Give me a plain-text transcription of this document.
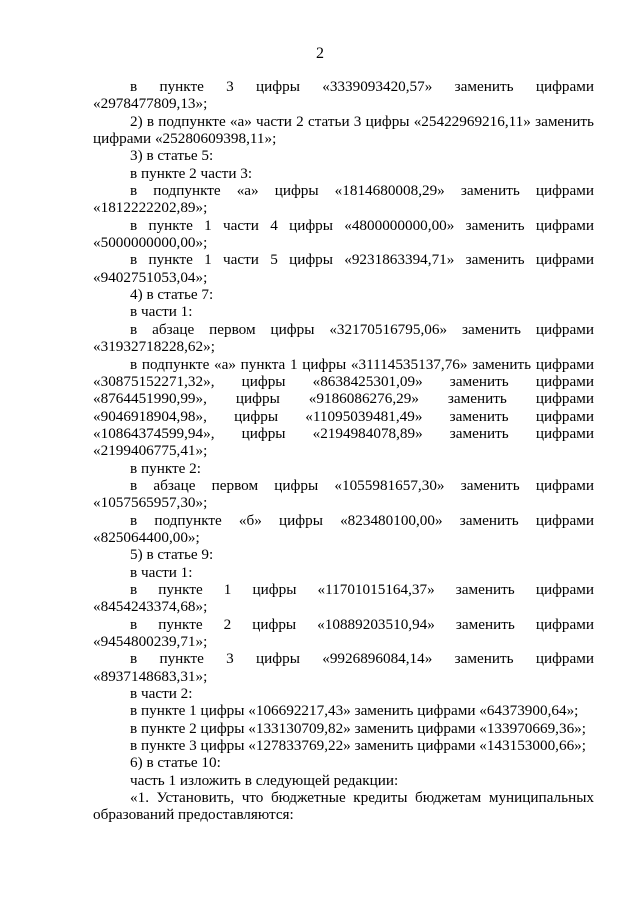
2

в пункте 3 цифры «3339093420,57» заменить цифрами «2978477809,13»;

2) в подпункте «а» части 2 статьи 3 цифры «25422969216,11» заменить цифрами «25280609398,11»;

3) в статье 5:

в пункте 2 части 3:

в подпункте «а» цифры «1814680008,29» заменить цифрами «1812222202,89»;

в пункте 1 части 4 цифры «4800000000,00» заменить цифрами «5000000000,00»;

в пункте 1 части 5 цифры «9231863394,71» заменить цифрами «9402751053,04»;

4) в статье 7:

в части 1:

в абзаце первом цифры «32170516795,06» заменить цифрами «31932718228,62»;

в подпункте «а» пункта 1 цифры «31114535137,76» заменить цифрами
«30875152271,32», цифры «8638425301,09» заменить цифрами
«8764451990,99», цифры «9186086276,29» заменить цифрами
«9046918904,98», цифры «11095039481,49» заменить цифрами
«10864374599,94», цифры «2194984078,89» заменить цифрами
«2199406775,41»;

в пункте 2:

в абзаце первом цифры «1055981657,30» заменить цифрами «1057565957,30»;

в подпункте «б» цифры «823480100,00» заменить цифрами «825064400,00»;

5) в статье 9:

в части 1:

в пункте 1 цифры «11701015164,37» заменить цифрами «8454243374,68»;

в пункте 2 цифры «10889203510,94» заменить цифрами «9454800239,71»;

в пункте 3 цифры «9926896084,14» заменить цифрами «8937148683,31»;

в части 2:

в пункте 1 цифры «106692217,43» заменить цифрами «64373900,64»;

в пункте 2 цифры «133130709,82» заменить цифрами «133970669,36»;

в пункте 3 цифры «127833769,22» заменить цифрами «143153000,66»;

6) в статье 10:

часть 1 изложить в следующей редакции:

«1. Установить, что бюджетные кредиты бюджетам муниципальных образований предоставляются:
